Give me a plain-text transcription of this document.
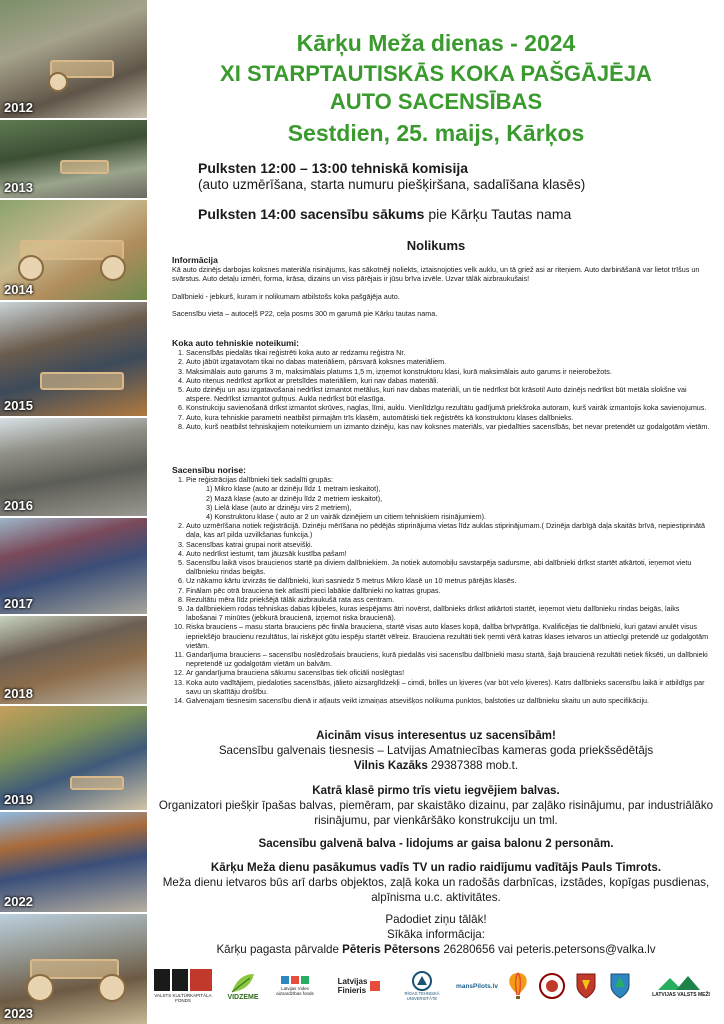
2012
2013
2014
2015
2016
2017
2018
2019
2022
2023
Kārķu Meža dienas - 2024
XI STARPTAUTISKĀS KOKA PAŠGĀJĒJA
AUTO SACENSĪBAS
Sestdien, 25. maijs, Kārķos
Pulksten 12:00 – 13:00 tehniskā komisija
(auto uzmērīšana, starta numuru piešķiršana, sadalīšana klasēs)
Pulksten 14:00 sacensību sākums pie Kārķu Tautas nama
Nolikums
Informācija
Kā auto dzinējs darbojas koksnes materiāla risinājums, kas sākotnēji noliekts, iztaisnojoties velk auklu, un tā griež asi ar riteņiem. Auto darbināšanā var lietot trīšus un svārstus. Auto detaļu izmēri, forma, krāsa, dizains un viss pārējais ir jūsu brīva izvēle. Uzvar tālāk aizbraukušais!
Dalībnieki - jebkurš, kuram ir nolikumam atbilstošs koka pašgājēja auto.
Sacensību vieta – autoceļš P22, ceļa posms 300 m garumā pie Kārķu tautas nama.
Koka auto tehniskie noteikumi:
1. Sacensībās piedalās tikai reģistrēti koka auto ar redzamu reģistra Nr.
2. Auto jābūt izgatavotam tikai no dabas materiāliem, pārsvarā koksnes materiāliem.
3. Maksimālais auto garums 3 m, maksimālais platums 1,5 m, izņemot konstruktoru klasi, kurā maksimālais auto garums ir neierobežots.
4. Auto riteņus nedrīkst aprīkot ar pretslīdes materiāliem, kuri nav dabas materiāli.
5. Auto dzinēju un asu izgatavošanai nedrīkst izmantot metālus, kuri nav dabas materiāli, un tie nedrīkst būt krāsoti! Auto dzinējs nedrīkst būt metāla slokšne vai atspere. Nedrīkst izmantot gultņus. Aukla nedrīkst būt elastīga.
6. Konstrukciju savienošanā drīkst izmantot skrūves, naglas, līmi, auklu. Vienlīdzīgu rezultātu gadījumā priekšroka autoram, kurš vairāk izmantojis koka savienojumus.
7. Auto, kura tehniskie parametri neatbilst pirmajām trīs klasēm, automātiski tiek reģistrēts kā konstruktoru klases dalībnieks.
8. Auto, kurš neatbilst tehniskajiem noteikumiem un izmanto dzinēju, kas nav koksnes materiāls, var piedalīties sacensībās, bet nevar pretendēt uz godalgotām vietām.
Sacensību norise:
1. Pie reģistrācijas dalībnieki tiek sadalīti grupās:
1) Mikro klase (auto ar dzinēju līdz 1 metram ieskaitot),
2) Mazā klase (auto ar dzinēju līdz 2 metriem ieskaitot),
3) Lielā klase (auto ar dzinēju virs 2 metriem),
4) Konstruktoru klase ( auto ar 2 un vairāk dzinējiem un citiem tehniskiem risinājumiem).
2. Auto uzmērīšana notiek reģistrācijā. Dzinēju mērīšana no pēdējās stiprinājuma vietas līdz auklas stiprinājumam.( Dzinēja darbīgā daļa skaitās brīvā, nepiestiprinātā daļa, kas arī pilda uzvilkšanas funkcija.)
3. Sacensības katrai grupai norit atsevišķi.
4. Auto nedrīkst iestumt, tam jāuzsāk kustība pašam!
5. Sacensību laikā visos braucienos startē pa diviem dalībniekiem. Ja notiek automobiļu savstarpēja sadursme, abi dalībnieki drīkst startēt atkārtoti, ieņemot vietu dalībnieku rindas beigās.
6. Uz nākamo kārtu izvirzās tie dalībnieki, kuri sasniedz 5 metrus Mikro klasē un 10 metrus pārējās klasēs.
7. Finālam pēc otrā brauciena tiek atlasīti pieci labākie dalībnieki no katras grupas.
8. Rezultātu mēra līdz priekšējā tālāk aizbraukušā rata ass centram.
9. Ja dalībniekiem rodas tehniskas dabas kļibeles, kuras iespējams ātri novērst, dalībnieks drīkst atkārtoti startēt, ieņemot vietu dalībnieku rindas beigās, laiks labošanai 7 minūtes (jebkurā braucienā, izņemot riska braucienā).
10. Riska brauciens – masu starta brauciens pēc fināla brauciena, startē visas auto klases kopā, dalība brīvprātīga. Kvalificējas tie dalībnieki, kuri gatavi anulēt visus iepriekšējo braucienu rezultātus, lai riskējot gūtu iespēju startēt vēlreiz. Brauciena rezultāti tiek ņemti vērā katras klases ietvaros un attiecīgi pretendē uz godalgotām vietām.
11. Gandarījuma brauciens – sacensību noslēdzošais brauciens, kurā piedalās visi sacensību dalībnieki masu startā, šajā braucienā rezultāti netiek fiksēti, un dalībnieki nepretendē uz godalgotām vietām un balvām.
12. Ar gandarījuma brauciena sākumu sacensības tiek oficiāli noslēgtas!
13. Koka auto vadītājiem, piedaloties sacensībās, jālieto aizsarglīdzekļi – cimdi, brilles un ķiveres (var būt velo ķiveres). Katrs dalībnieks sacensību laikā ir atbildīgs par savu un skatītāju drošību.
14. Galvenajam tiesnesim sacensību dienā ir atļauts veikt izmaiņas atsevišķos nolikuma punktos, balstoties uz dalībnieku skaitu un auto specifikāciju.
Aicinām visus interesentus uz sacensībām!
Sacensību galvenais tiesnesis – Latvijas Amatniecības kameras goda priekšsēdētājs
Vilnis Kazāks 29387388 mob.t.
Katrā klasē pirmo trīs vietu iegvējiem balvas.
Organizatori piešķir īpašas balvas, piemēram, par skaistāko dizainu, par zaļāko risinājumu, par industriālāko risinājumu, par vienkāršāko konstrukciju un tml.
Sacensību galvenā balva - lidojums ar gaisa balonu 2 personām.
Kārķu Meža dienu pasākumus vadīs TV un radio raidījumu vadītājs Pauls Timrots.
Meža dienu ietvaros būs arī darbs objektos, zaļā koka un radošās darbnīcas, izstādes, kopīgas pusdienas, alpīnisma u.c. aktivitātes.
Padodiet ziņu tālāk!
Sīkāka informācija:
Kārķu pagasta pārvalde Pēteris Pētersons 26280656 vai peteris.petersons@valka.lv
VALSTS KULTŪRKAPITĀLA FONDS	VIDZEME
Latvijas Vides aizsardzības fonds
Latvijas
Finieris	RĪGAS TEHNISKĀ UNIVERSITĀTE
mansPilots.lv
LATVIJAS VALSTS MEŽI
